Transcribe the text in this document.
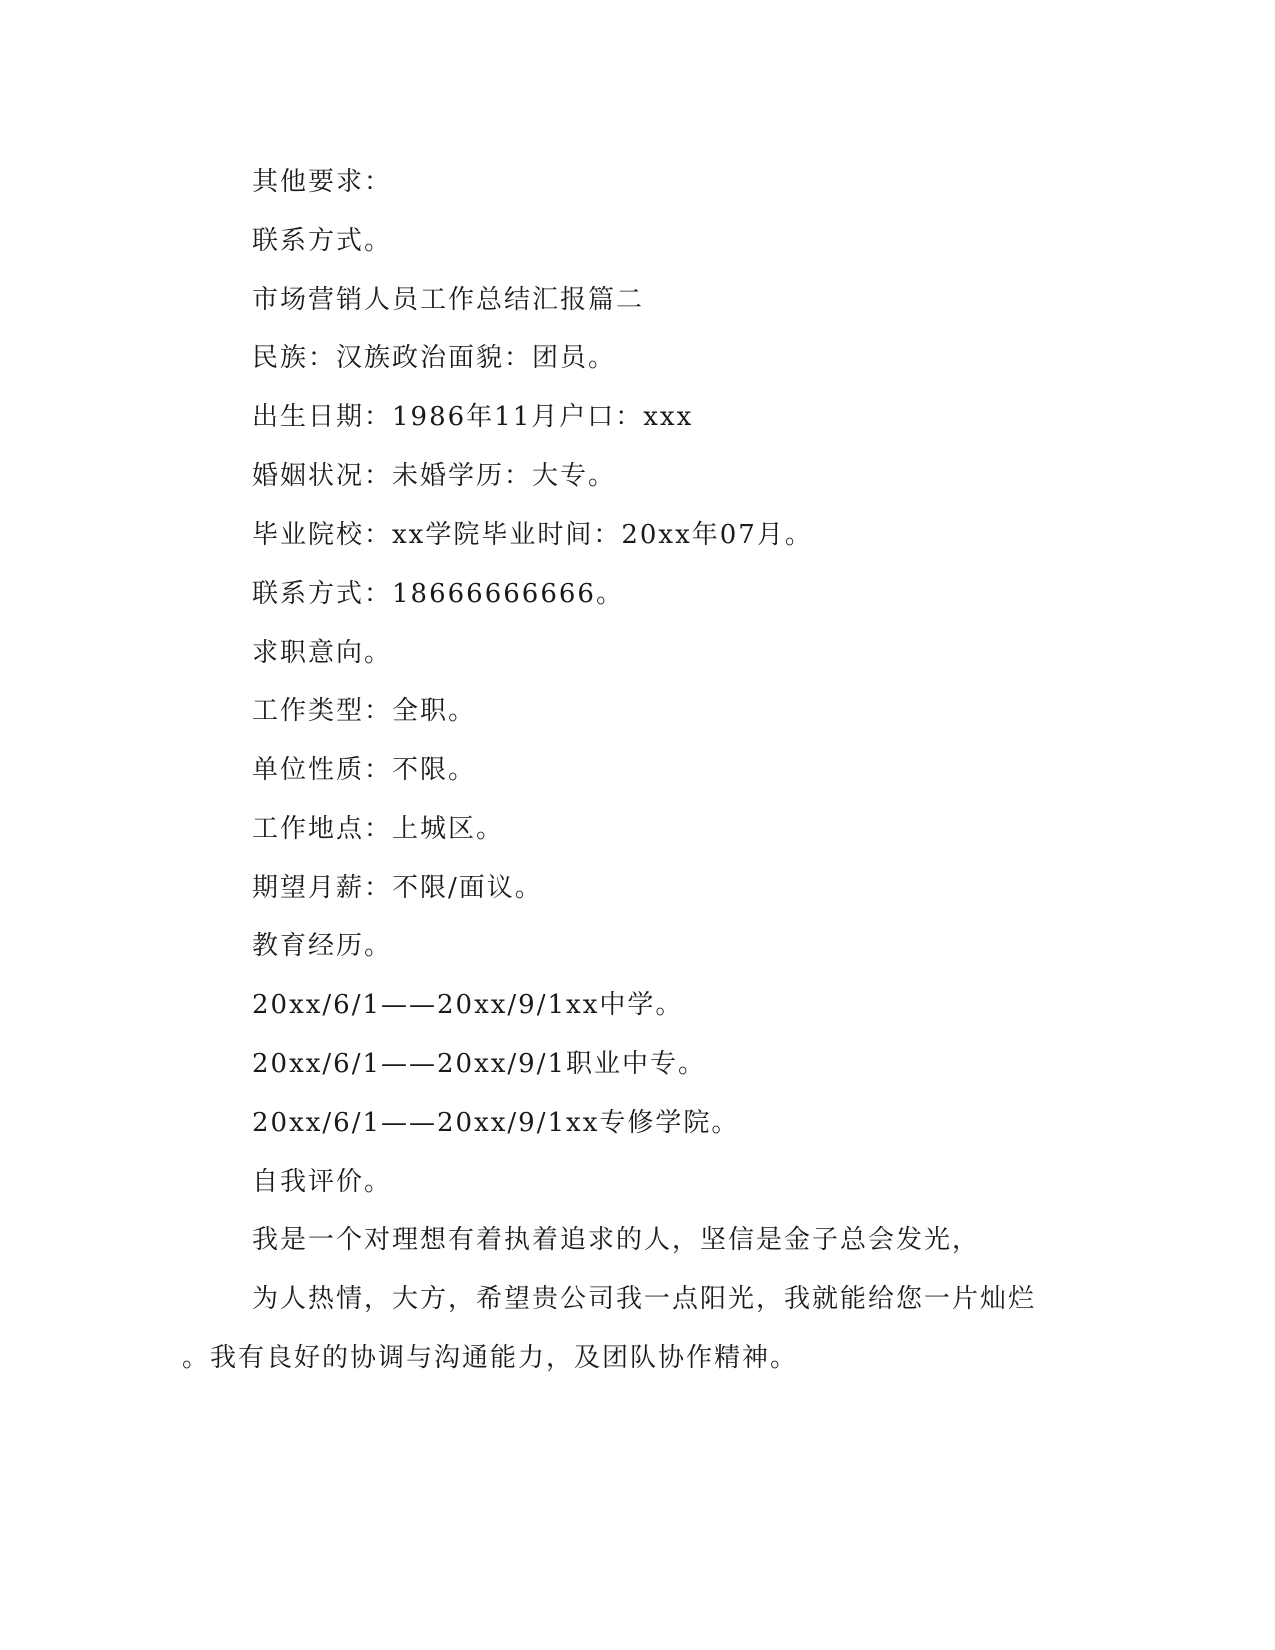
其他要求：

联系方式。

市场营销人员工作总结汇报篇二

民族：汉族政治面貌：团员。

出生日期：1986年11月户口：xxx

婚姻状况：未婚学历：大专。

毕业院校：xx学院毕业时间：20xx年07月。

联系方式：18666666666。

求职意向。

工作类型：全职。

单位性质：不限。

工作地点：上城区。

期望月薪：不限/面议。

教育经历。

20xx/6/1——20xx/9/1xx中学。

20xx/6/1——20xx/9/1职业中专。

20xx/6/1——20xx/9/1xx专修学院。

自我评价。

我是一个对理想有着执着追求的人，坚信是金子总会发光，

为人热情，大方，希望贵公司我一点阳光，我就能给您一片灿烂

。我有良好的协调与沟通能力，及团队协作精神。
